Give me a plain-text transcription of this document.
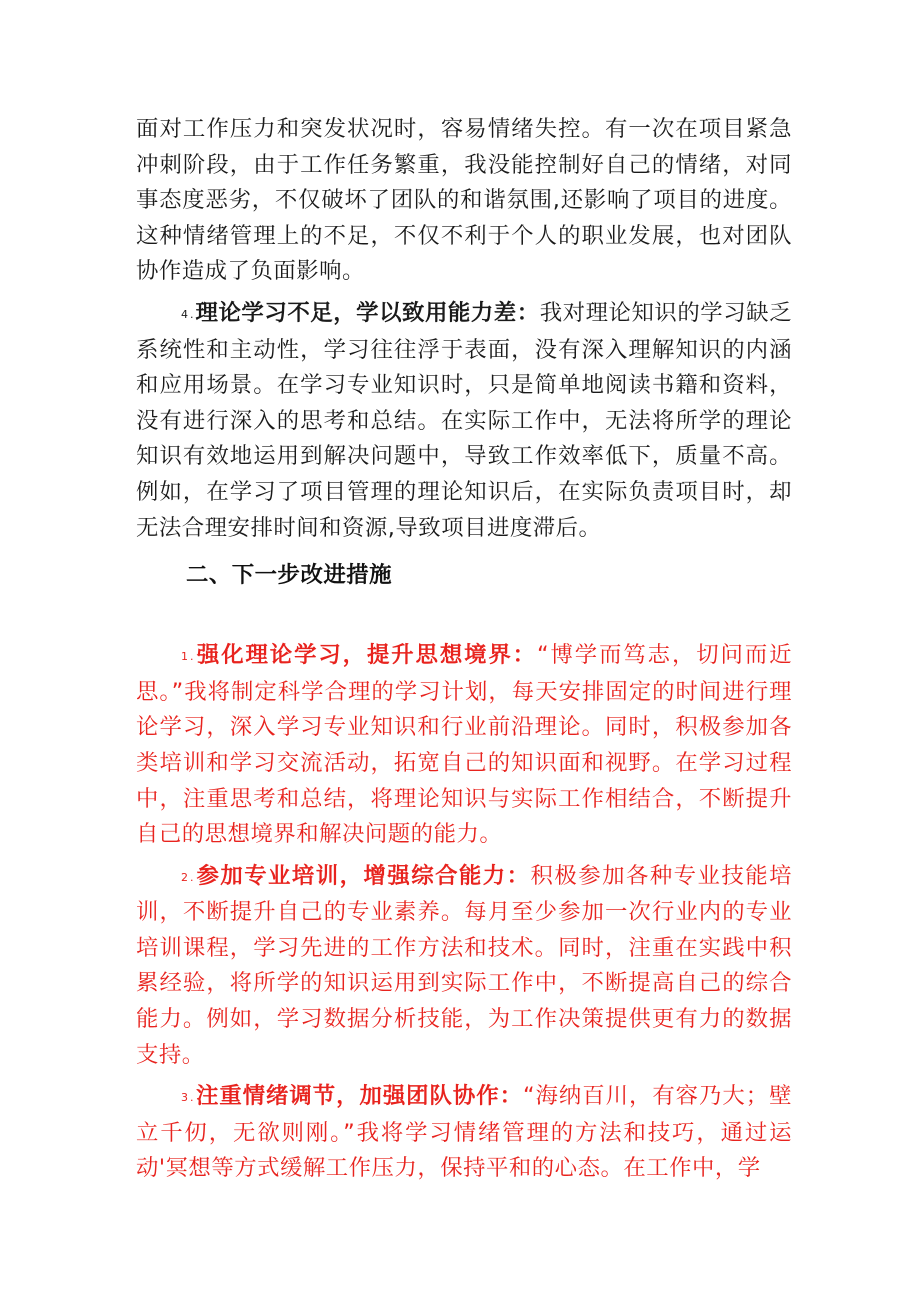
面对工作压力和突发状况时，容易情绪失控。有一次在项目紧急冲刺阶段，由于工作任务繁重，我没能控制好自己的情绪，对同事态度恶劣，不仅破坏了团队的和谐氛围,还影响了项目的进度。这种情绪管理上的不足，不仅不利于个人的职业发展，也对团队协作造成了负面影响。

4.理论学习不足，学以致用能力差：我对理论知识的学习缺乏系统性和主动性，学习往往浮于表面，没有深入理解知识的内涵和应用场景。在学习专业知识时，只是简单地阅读书籍和资料，没有进行深入的思考和总结。在实际工作中，无法将所学的理论知识有效地运用到解决问题中，导致工作效率低下，质量不高。例如，在学习了项目管理的理论知识后，在实际负责项目时，却无法合理安排时间和资源,导致项目进度滞后。

二、下一步改进措施

1.强化理论学习，提升思想境界：“博学而笃志，切问而近思。”我将制定科学合理的学习计划，每天安排固定的时间进行理论学习，深入学习专业知识和行业前沿理论。同时，积极参加各类培训和学习交流活动，拓宽自己的知识面和视野。在学习过程中，注重思考和总结，将理论知识与实际工作相结合，不断提升自己的思想境界和解决问题的能力。

2.参加专业培训，增强综合能力：积极参加各种专业技能培训，不断提升自己的专业素养。每月至少参加一次行业内的专业培训课程，学习先进的工作方法和技术。同时，注重在实践中积累经验，将所学的知识运用到实际工作中，不断提高自己的综合能力。例如，学习数据分析技能，为工作决策提供更有力的数据支持。

3.注重情绪调节，加强团队协作：“海纳百川，有容乃大；壁立千仞，无欲则刚。”我将学习情绪管理的方法和技巧，通过运动'冥想等方式缓解工作压力，保持平和的心态。在工作中，学
